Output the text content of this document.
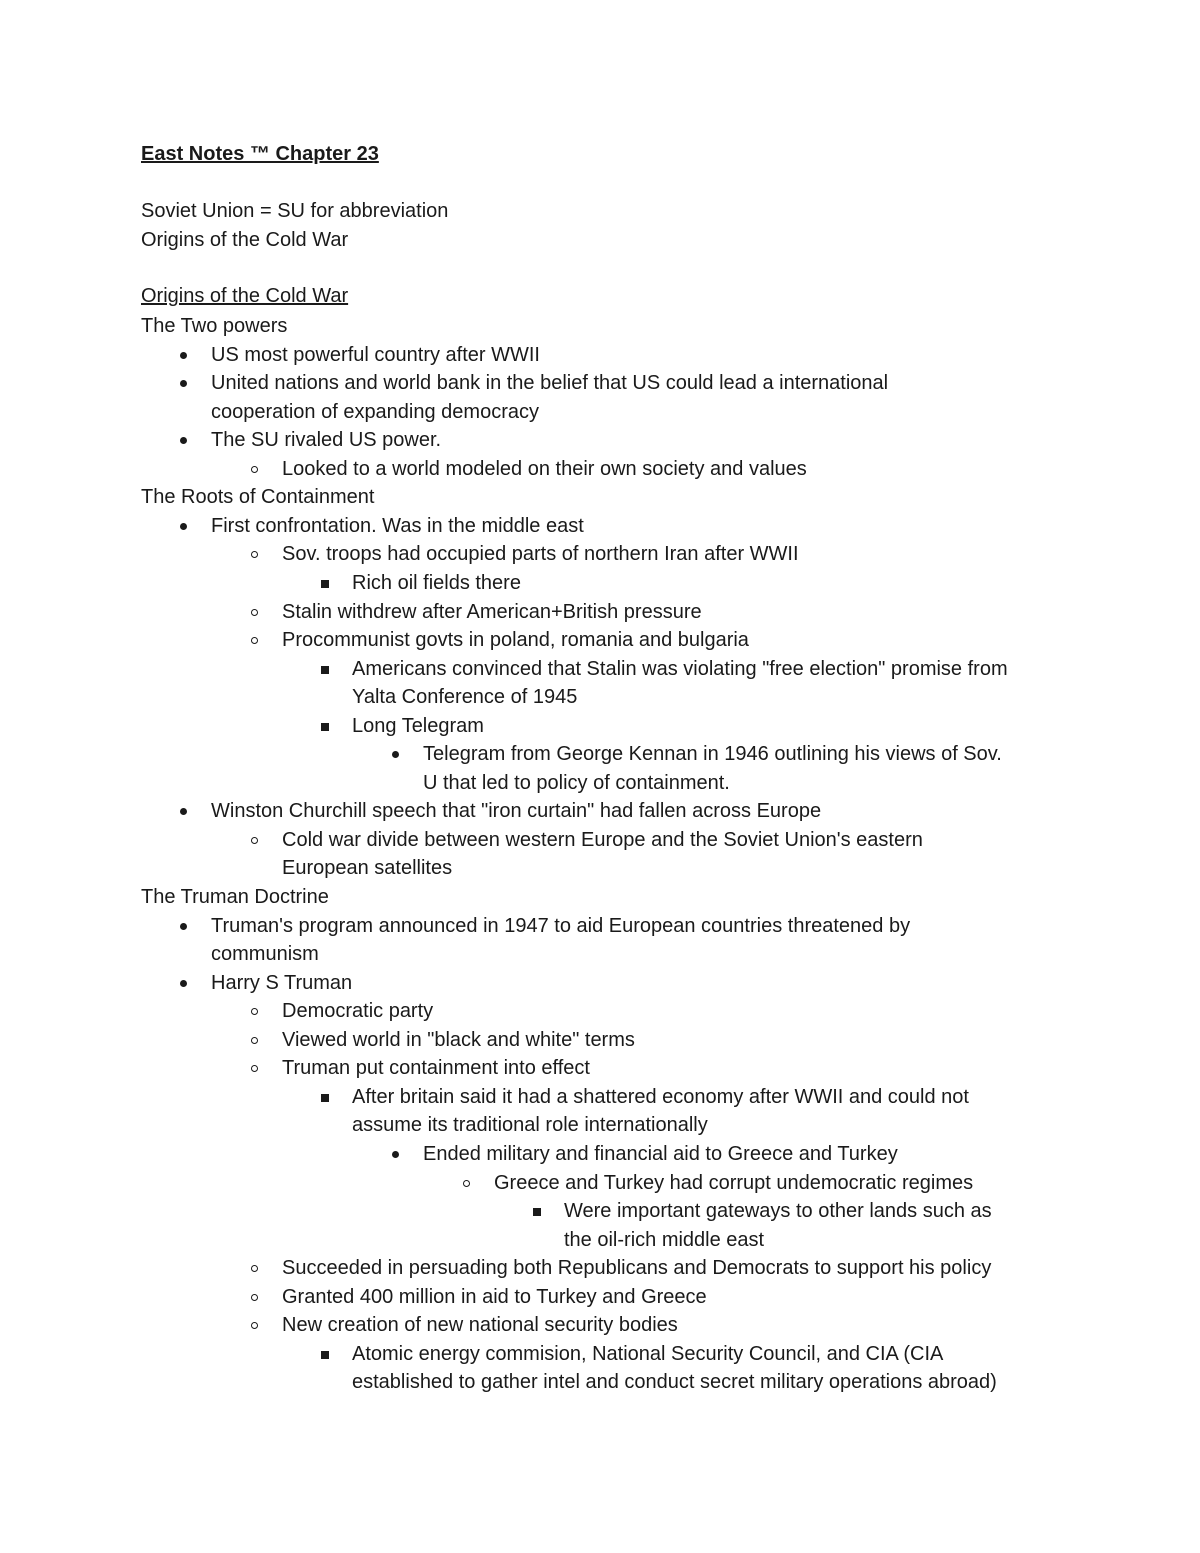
East Notes ™ Chapter 23
Soviet Union = SU for abbreviation
Origins of the Cold War
Origins of the Cold War
The Two powers
US most powerful country after WWII
United nations and world bank in the belief that US could lead a international
cooperation of expanding democracy
The SU rivaled US power.
Looked to a world modeled on their own society and values
The Roots of Containment
First confrontation. Was in the middle east
Sov. troops had occupied parts of northern Iran after WWII
Rich oil fields there
Stalin withdrew after American+British pressure
Procommunist govts in poland, romania and bulgaria
Americans convinced that Stalin was violating "free election" promise from
Yalta Conference of 1945
Long Telegram
Telegram from George Kennan in 1946 outlining his views of Sov.
U that led to policy of containment.
Winston Churchill speech that "iron curtain" had fallen across Europe
Cold war divide between western Europe and the Soviet Union's eastern
European satellites
The Truman Doctrine
Truman's program announced in 1947 to aid European countries threatened by
communism
Harry S Truman
Democratic party
Viewed world in "black and white" terms
Truman put containment into effect
After britain said it had a shattered economy after WWII and could not
assume its traditional role internationally
Ended military and financial aid to Greece and Turkey
Greece and Turkey had corrupt undemocratic regimes
Were important gateways to other lands such as
the oil-rich middle east
Succeeded in persuading both Republicans and Democrats to support his policy
Granted 400 million in aid to Turkey and Greece
New creation of new national security bodies
Atomic energy commision, National Security Council, and CIA (CIA
established to gather intel and conduct secret military operations abroad)
